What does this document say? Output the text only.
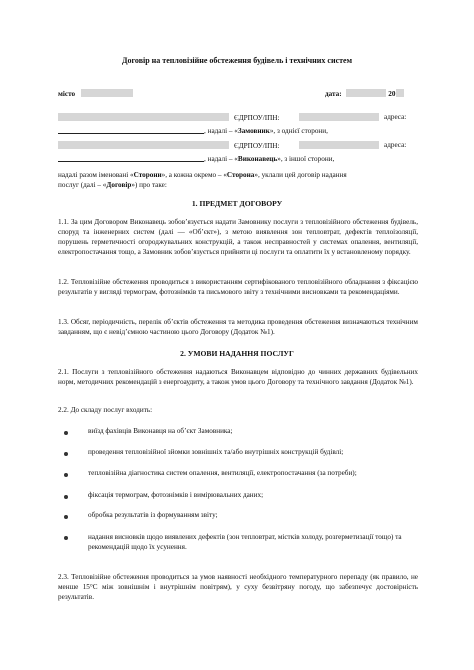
Договір на тепловізійне обстеження будівель і технічних систем
місто	дата:	20
ЄДРПОУ/ІПН:	адреса:
, надалі – «Замовник», з однієї сторони,
ЄДРПОУ/ІПН:	адреса:
, надалі – «Виконавець», з іншої сторони,
надалі разом іменовані «Сторони», а кожна окремо – «Сторона», уклали цей договір надання
послуг (далі – «Договір») про таке:
1. ПРЕДМЕТ ДОГОВОРУ
1.1. За цим Договором Виконавець зобов’язується надати Замовнику послуги з тепловізійного обстеження будівель, споруд та інженерних систем (далі — «Об’єкт»), з метою виявлення зон тепловтрат, дефектів теплоізоляції, порушень герметичності огороджувальних конструкцій, а також несправностей у системах опалення, вентиляції, електропостачання тощо, а Замовник зобов’язується прийняти ці послуги та оплатити їх у встановленому порядку.
1.2. Тепловізійне обстеження проводиться з використанням сертифікованого тепловізійного обладнання з фіксацією результатів у вигляді термограм, фотознімків та письмового звіту з технічними висновками та рекомендаціями.
1.3. Обсяг, періодичність, перелік об’єктів обстеження та методика проведення обстеження визначаються технічним завданням, що є невід’ємною частиною цього Договору (Додаток №1).
2. УМОВИ НАДАННЯ ПОСЛУГ
2.1. Послуги з тепловізійного обстеження надаються Виконавцем відповідно до чинних державних будівельних норм, методичних рекомендацій з енергоаудиту, а також умов цього Договору та технічного завдання (Додаток №1).
2.2. До складу послуг входить:
виїзд фахівців Виконавця на об’єкт Замовника;
проведення тепловізійної зйомки зовнішніх та/або внутрішніх конструкцій будівлі;
тепловізійна діагностика систем опалення, вентиляції, електропостачання (за потреби);
фіксація термограм, фотознімків і вимірювальних даних;
обробка результатів із формуванням звіту;
надання висновків щодо виявлених дефектів (зон тепловтрат, містків холоду, розгерметизації тощо) та рекомендацій щодо їх усунення.
2.3. Тепловізійне обстеження проводиться за умов наявності необхідного температурного перепаду (як правило, не менше 15°С між зовнішнім і внутрішнім повітрям), у суху безвітряну погоду, що забезпечує достовірність результатів.
